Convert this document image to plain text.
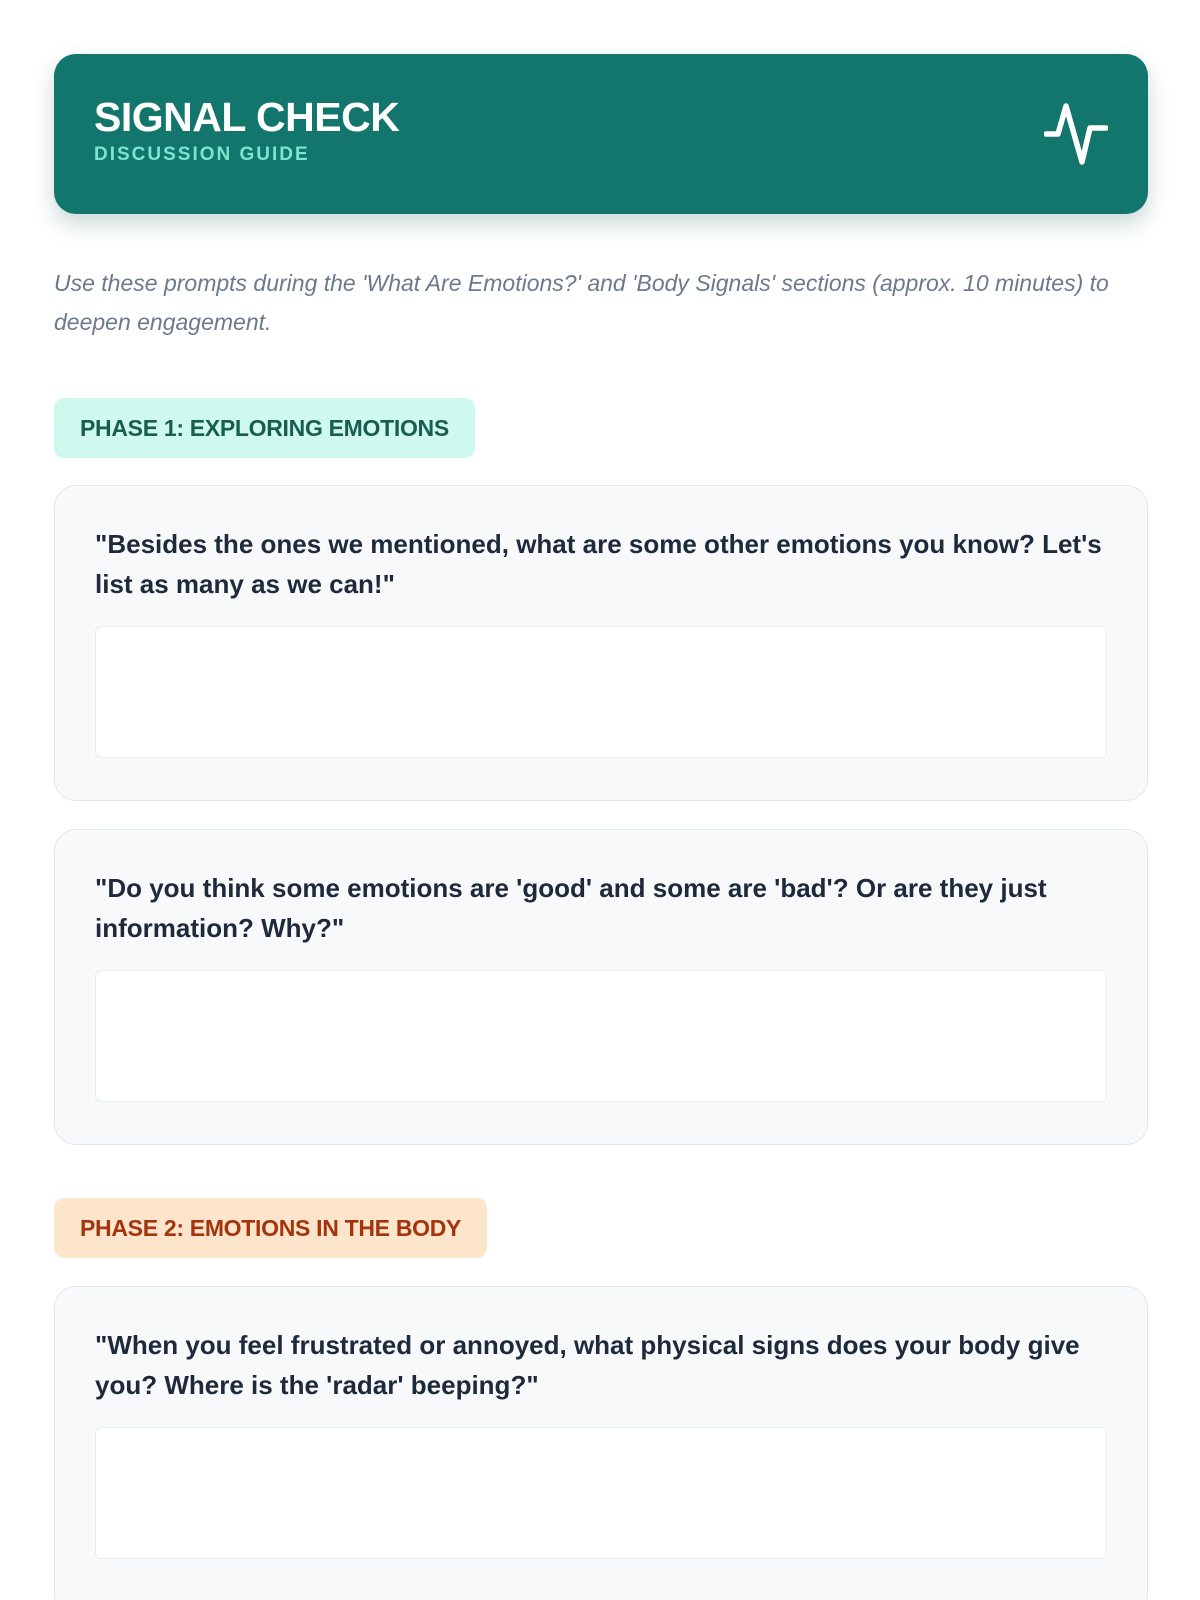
SIGNAL CHECK
DISCUSSION GUIDE

Use these prompts during the 'What Are Emotions?' and 'Body Signals' sections (approx. 10 minutes) to deepen engagement.

PHASE 1: EXPLORING EMOTIONS

"Besides the ones we mentioned, what are some other emotions you know? Let's list as many as we can!"

"Do you think some emotions are 'good' and some are 'bad'? Or are they just information? Why?"

PHASE 2: EMOTIONS IN THE BODY

"When you feel frustrated or annoyed, what physical signs does your body give you? Where is the 'radar' beeping?"
